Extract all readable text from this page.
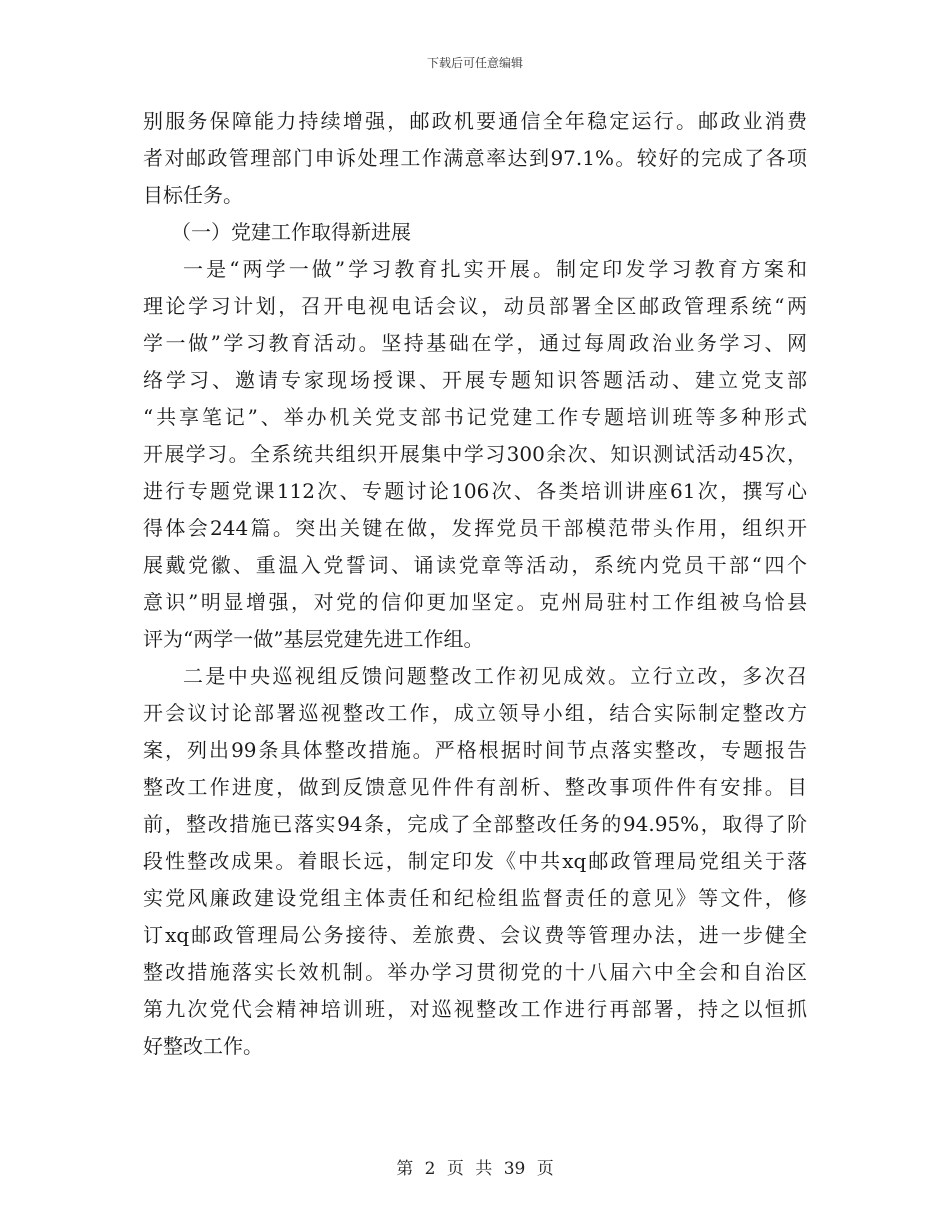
下载后可任意编辑
别服务保障能力持续增强，邮政机要通信全年稳定运行。邮政业消费
者对邮政管理部门申诉处理工作满意率达到97.1%。较好的完成了各项
目标任务。
（一）党建工作取得新进展
一是“两学一做”学习教育扎实开展。制定印发学习教育方案和
理论学习计划，召开电视电话会议，动员部署全区邮政管理系统“两
学一做”学习教育活动。坚持基础在学，通过每周政治业务学习、网
络学习、邀请专家现场授课、开展专题知识答题活动、建立党支部
“共享笔记”、举办机关党支部书记党建工作专题培训班等多种形式
开展学习。全系统共组织开展集中学习300余次、知识测试活动45次，
进行专题党课112次、专题讨论106次、各类培训讲座61次，撰写心
得体会244篇。突出关键在做，发挥党员干部模范带头作用，组织开
展戴党徽、重温入党誓词、诵读党章等活动，系统内党员干部“四个
意识”明显增强，对党的信仰更加坚定。克州局驻村工作组被乌恰县
评为“两学一做”基层党建先进工作组。
二是中央巡视组反馈问题整改工作初见成效。立行立改，多次召
开会议讨论部署巡视整改工作，成立领导小组，结合实际制定整改方
案，列出99条具体整改措施。严格根据时间节点落实整改，专题报告
整改工作进度，做到反馈意见件件有剖析、整改事项件件有安排。目
前，整改措施已落实94条，完成了全部整改任务的94.95%，取得了阶
段性整改成果。着眼长远，制定印发《中共xq邮政管理局党组关于落
实党风廉政建设党组主体责任和纪检组监督责任的意见》等文件，修
订xq邮政管理局公务接待、差旅费、会议费等管理办法，进一步健全
整改措施落实长效机制。举办学习贯彻党的十八届六中全会和自治区
第九次党代会精神培训班，对巡视整改工作进行再部署，持之以恒抓
好整改工作。
第 2 页 共 39 页
